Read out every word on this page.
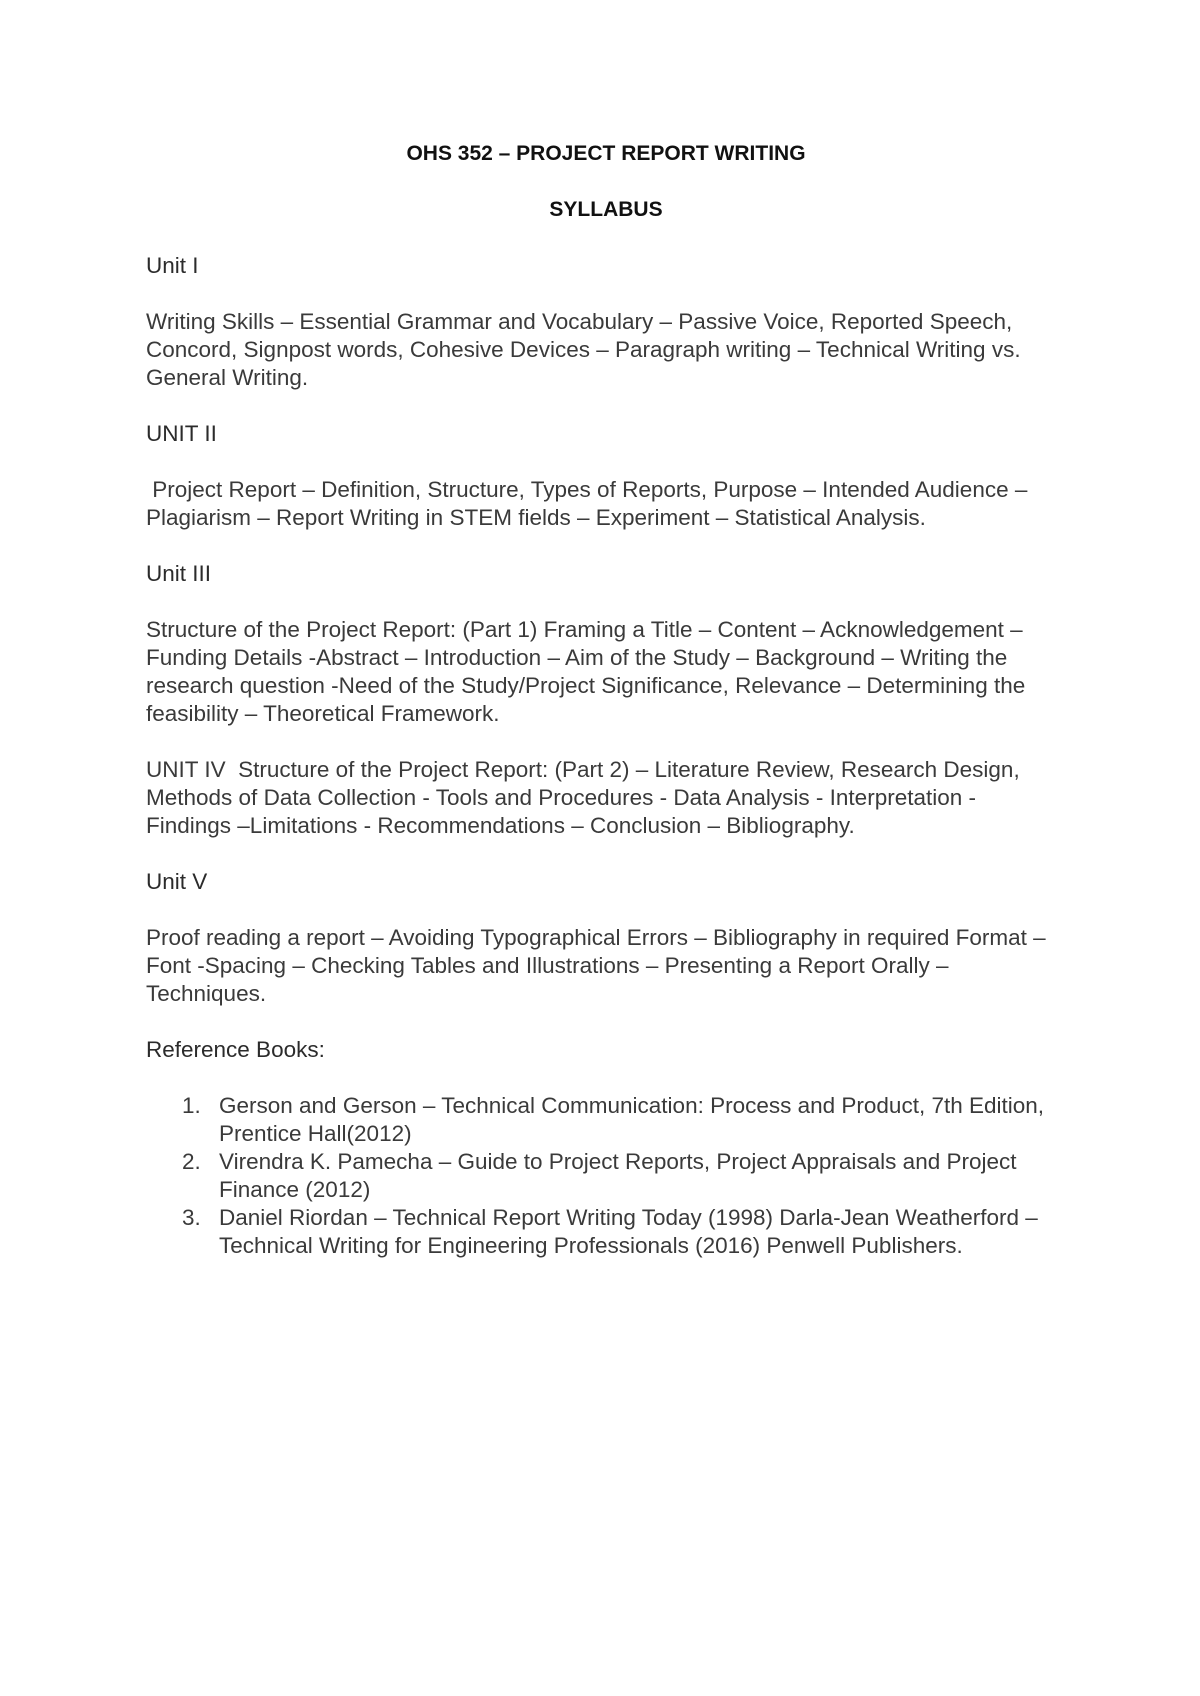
OHS 352 – PROJECT REPORT WRITING
SYLLABUS

Unit I

Writing Skills – Essential Grammar and Vocabulary – Passive Voice, Reported Speech, Concord, Signpost words, Cohesive Devices – Paragraph writing – Technical Writing vs. General Writing.

UNIT II

Project Report – Definition, Structure, Types of Reports, Purpose – Intended Audience – Plagiarism – Report Writing in STEM fields – Experiment – Statistical Analysis.

Unit III

Structure of the Project Report: (Part 1) Framing a Title – Content – Acknowledgement – Funding Details -Abstract – Introduction – Aim of the Study – Background – Writing the research question -Need of the Study/Project Significance, Relevance – Determining the feasibility – Theoretical Framework.

UNIT IV  Structure of the Project Report: (Part 2) – Literature Review, Research Design, Methods of Data Collection - Tools and Procedures - Data Analysis - Interpretation - Findings –Limitations - Recommendations – Conclusion – Bibliography.

Unit V

Proof reading a report – Avoiding Typographical Errors – Bibliography in required Format – Font -Spacing – Checking Tables and Illustrations – Presenting a Report Orally – Techniques.

Reference Books:

1. Gerson and Gerson – Technical Communication: Process and Product, 7th Edition, Prentice Hall(2012)
2. Virendra K. Pamecha – Guide to Project Reports, Project Appraisals and Project Finance (2012)
3. Daniel Riordan – Technical Report Writing Today (1998) Darla-Jean Weatherford – Technical Writing for Engineering Professionals (2016) Penwell Publishers.
